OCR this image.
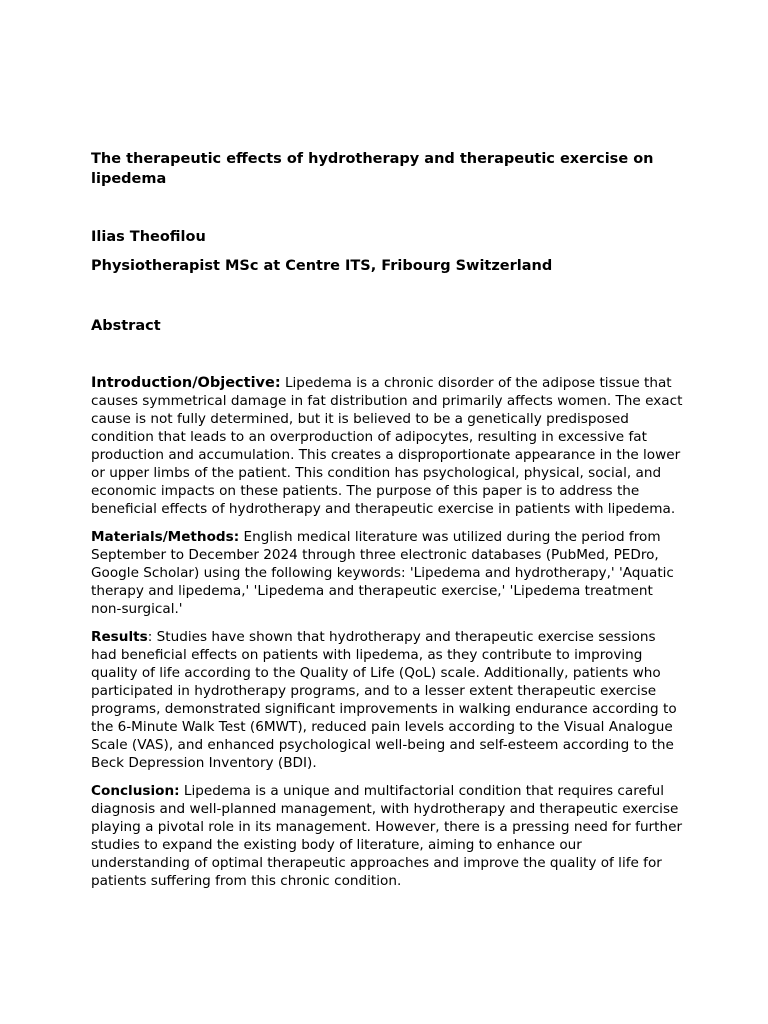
The therapeutic effects of hydrotherapy and therapeutic exercise on lipedema

Ilias Theofilou

Physiotherapist MSc at Centre ITS, Fribourg Switzerland

Abstract

Introduction/Objective: Lipedema is a chronic disorder of the adipose tissue that causes symmetrical damage in fat distribution and primarily affects women. The exact cause is not fully determined, but it is believed to be a genetically predisposed condition that leads to an overproduction of adipocytes, resulting in excessive fat production and accumulation. This creates a disproportionate appearance in the lower or upper limbs of the patient. This condition has psychological, physical, social, and economic impacts on these patients. The purpose of this paper is to address the beneficial effects of hydrotherapy and therapeutic exercise in patients with lipedema.

Materials/Methods: English medical literature was utilized during the period from September to December 2024 through three electronic databases (PubMed, PEDro, Google Scholar) using the following keywords: 'Lipedema and hydrotherapy,' 'Aquatic therapy and lipedema,' 'Lipedema and therapeutic exercise,' 'Lipedema treatment non-surgical.'

Results: Studies have shown that hydrotherapy and therapeutic exercise sessions had beneficial effects on patients with lipedema, as they contribute to improving quality of life according to the Quality of Life (QoL) scale. Additionally, patients who participated in hydrotherapy programs, and to a lesser extent therapeutic exercise programs, demonstrated significant improvements in walking endurance according to the 6-Minute Walk Test (6MWT), reduced pain levels according to the Visual Analogue Scale (VAS), and enhanced psychological well-being and self-esteem according to the Beck Depression Inventory (BDI).

Conclusion: Lipedema is a unique and multifactorial condition that requires careful diagnosis and well-planned management, with hydrotherapy and therapeutic exercise playing a pivotal role in its management. However, there is a pressing need for further studies to expand the existing body of literature, aiming to enhance our understanding of optimal therapeutic approaches and improve the quality of life for patients suffering from this chronic condition.
